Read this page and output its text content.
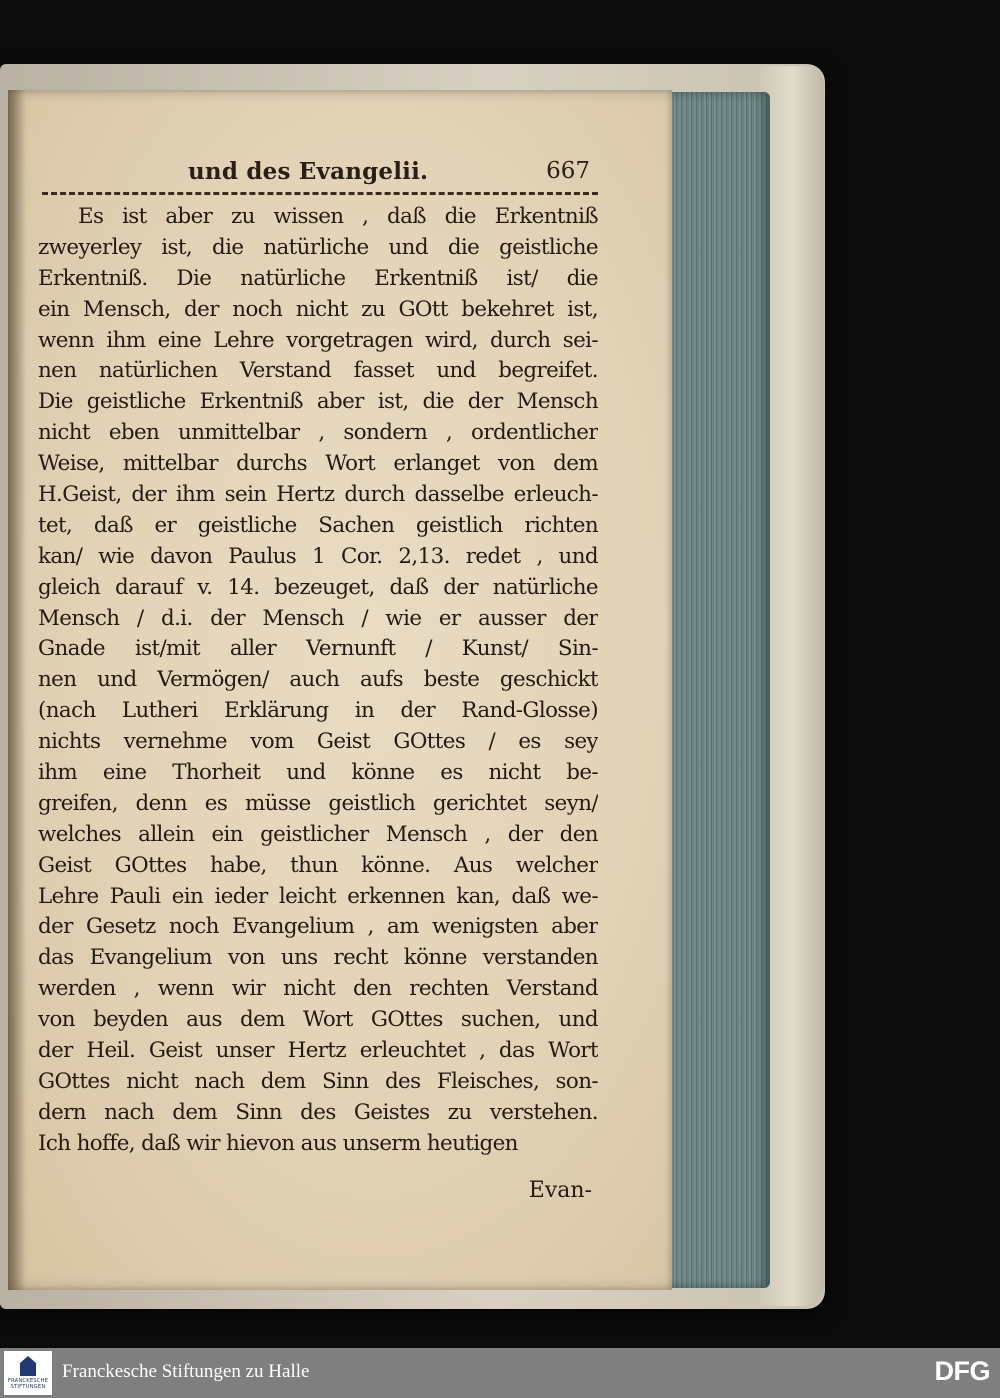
und des Evangelii.	667
Es ist aber zu wissen , daß die Erkentniß
zweyerley ist, die natürliche und die geistliche
Erkentniß. Die natürliche Erkentniß ist/ die
ein Mensch, der noch nicht zu GOtt bekehret ist,
wenn ihm eine Lehre vorgetragen wird, durch sei-
nen natürlichen Verstand fasset und begreifet.
Die geistliche Erkentniß aber ist, die der Mensch
nicht eben unmittelbar , sondern , ordentlicher
Weise, mittelbar durchs Wort erlanget von dem
H.Geist, der ihm sein Hertz durch dasselbe erleuch-
tet, daß er geistliche Sachen geistlich richten
kan/ wie davon Paulus 1 Cor. 2,13. redet , und
gleich darauf v. 14. bezeuget, daß der natürliche
Mensch / d.i. der Mensch / wie er ausser der
Gnade ist/mit aller Vernunft / Kunst/ Sin-
nen und Vermögen/ auch aufs beste geschickt
(nach Lutheri Erklärung in der Rand-Glosse)
nichts vernehme vom Geist GOttes / es sey
ihm eine Thorheit und könne es nicht be-
greifen, denn es müsse geistlich gerichtet seyn/
welches allein ein geistlicher Mensch , der den
Geist GOttes habe, thun könne. Aus welcher
Lehre Pauli ein ieder leicht erkennen kan, daß we-
der Gesetz noch Evangelium , am wenigsten aber
das Evangelium von uns recht könne verstanden
werden , wenn wir nicht den rechten Verstand
von beyden aus dem Wort GOttes suchen, und
der Heil. Geist unser Hertz erleuchtet , das Wort
GOttes nicht nach dem Sinn des Fleisches, son-
dern nach dem Sinn des Geistes zu verstehen.
Ich hoffe, daß wir hievon aus unserm heutigen
Evan-
FRANCKESCHE STIFTUNGEN
Franckesche Stiftungen zu Halle	DFG
